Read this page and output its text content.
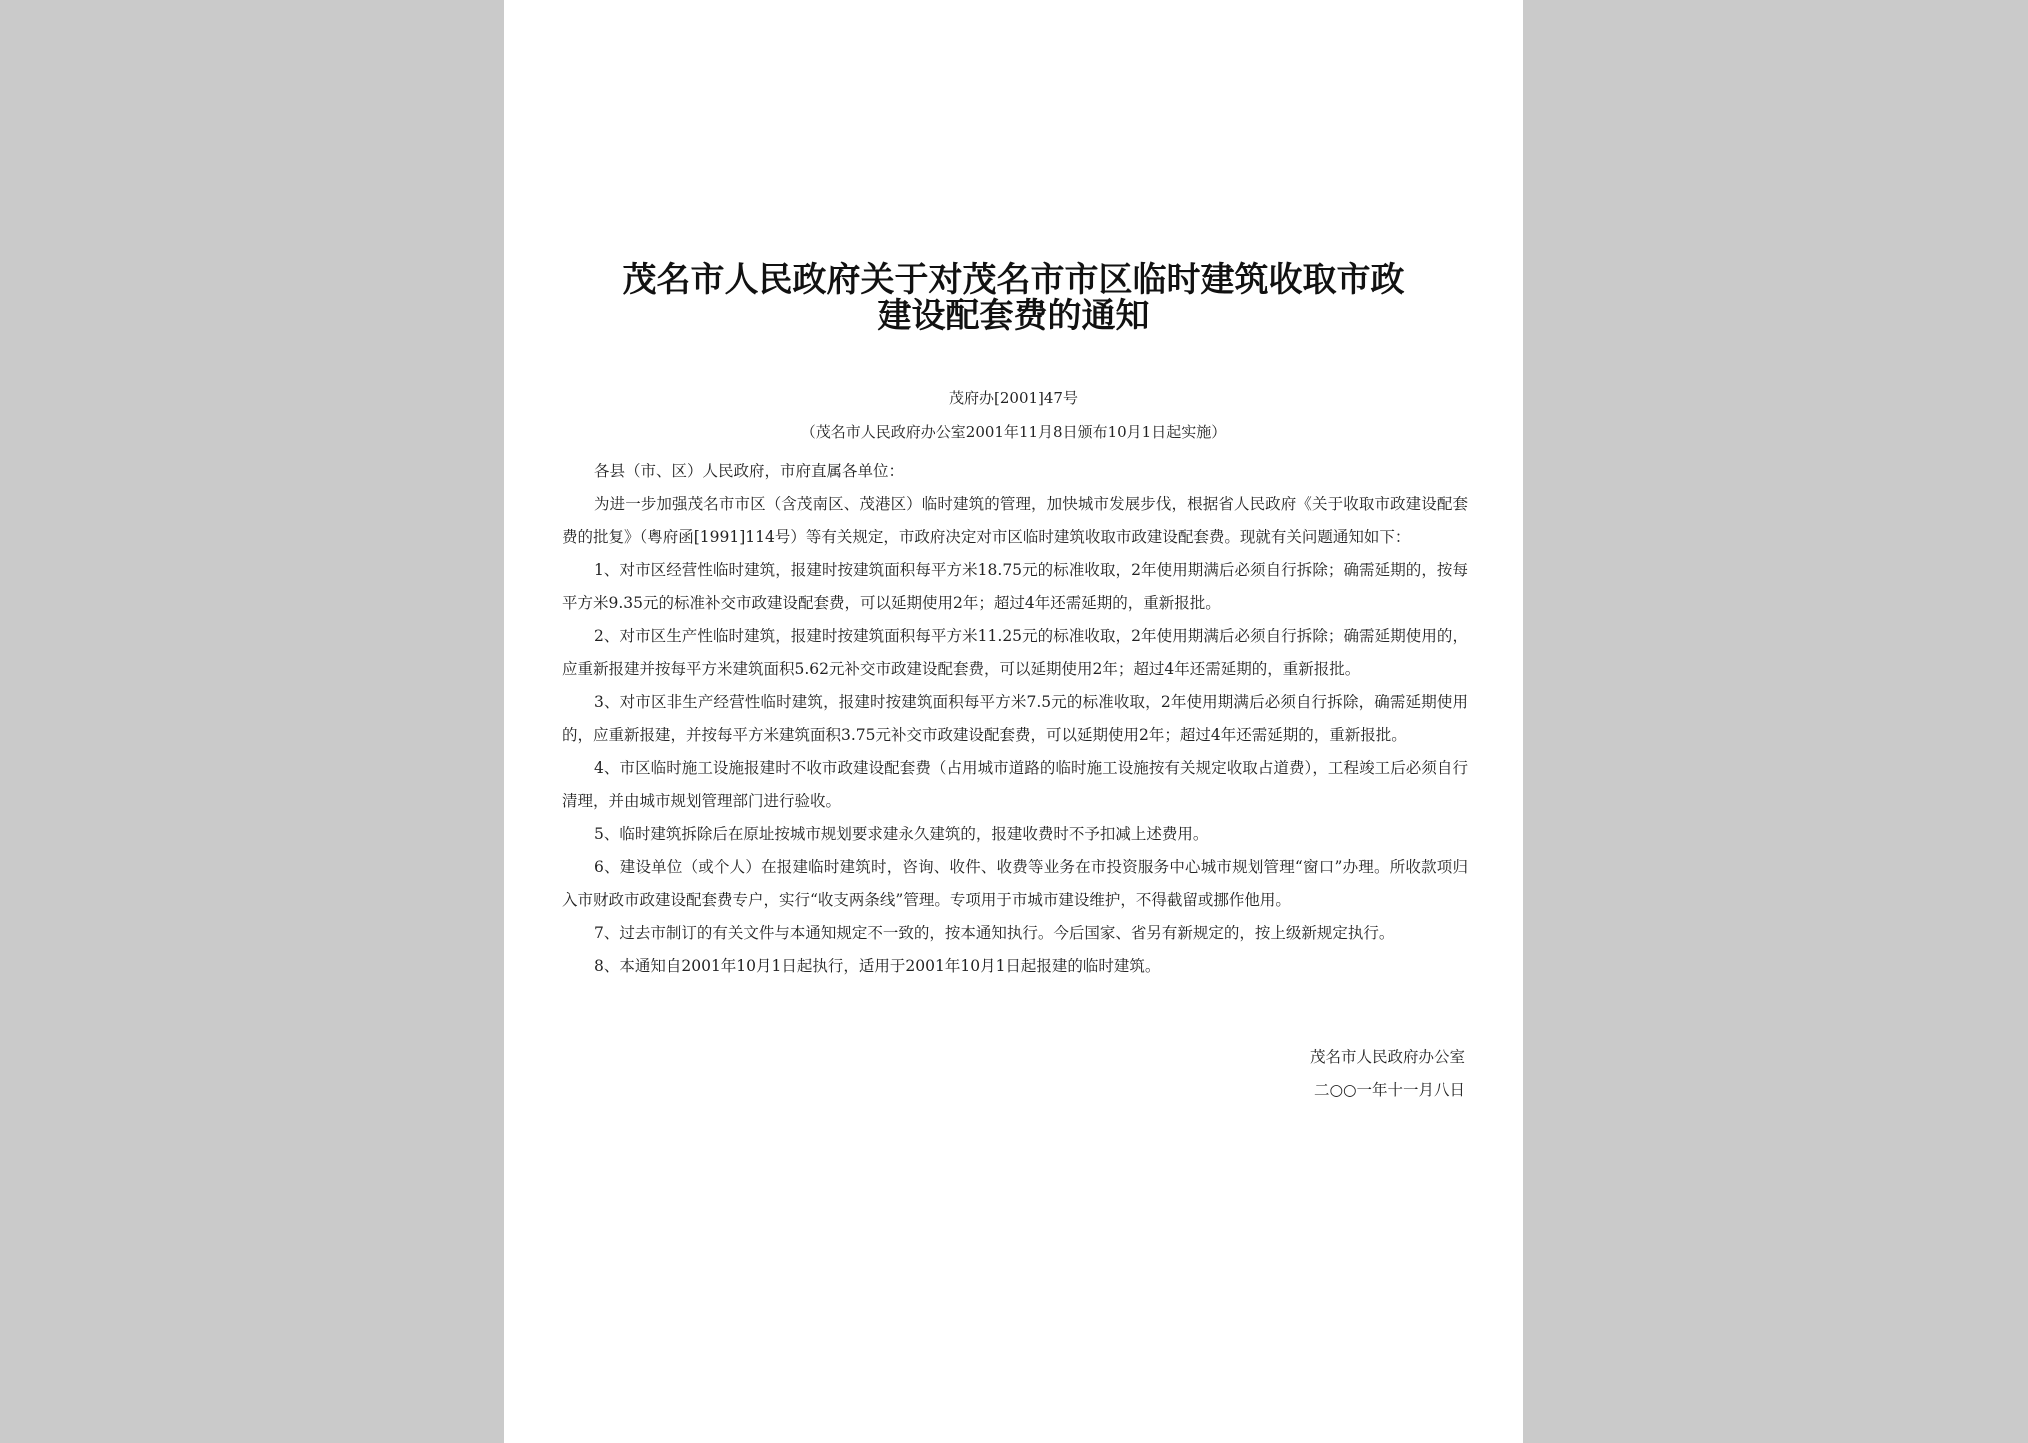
茂名市人民政府关于对茂名市市区临时建筑收取市政
建设配套费的通知
茂府办[2001]47号
（茂名市人民政府办公室2001年11月8日颁布10月1日起实施）

各县（市、区）人民政府，市府直属各单位：

为进一步加强茂名市市区（含茂南区、茂港区）临时建筑的管理，加快城市发展步伐，根据省人民政府《关于收取市政建设配套费的批复》（粤府函[1991]114号）等有关规定，市政府决定对市区临时建筑收取市政建设配套费。现就有关问题通知如下：

1、对市区经营性临时建筑，报建时按建筑面积每平方米18.75元的标准收取，2年使用期满后必须自行拆除；确需延期的，按每平方米9.35元的标准补交市政建设配套费，可以延期使用2年；超过4年还需延期的，重新报批。

2、对市区生产性临时建筑，报建时按建筑面积每平方米11.25元的标准收取，2年使用期满后必须自行拆除；确需延期使用的，应重新报建并按每平方米建筑面积5.62元补交市政建设配套费，可以延期使用2年；超过4年还需延期的，重新报批。

3、对市区非生产经营性临时建筑，报建时按建筑面积每平方米7.5元的标准收取，2年使用期满后必须自行拆除，确需延期使用的，应重新报建，并按每平方米建筑面积3.75元补交市政建设配套费，可以延期使用2年；超过4年还需延期的，重新报批。

4、市区临时施工设施报建时不收市政建设配套费（占用城市道路的临时施工设施按有关规定收取占道费），工程竣工后必须自行清理，并由城市规划管理部门进行验收。

5、临时建筑拆除后在原址按城市规划要求建永久建筑的，报建收费时不予扣减上述费用。

6、建设单位（或个人）在报建临时建筑时，咨询、收件、收费等业务在市投资服务中心城市规划管理“窗口”办理。所收款项归入市财政市政建设配套费专户，实行“收支两条线”管理。专项用于市城市建设维护，不得截留或挪作他用。

7、过去市制订的有关文件与本通知规定不一致的，按本通知执行。今后国家、省另有新规定的，按上级新规定执行。

8、本通知自2001年10月1日起执行，适用于2001年10月1日起报建的临时建筑。

茂名市人民政府办公室
二○○一年十一月八日
